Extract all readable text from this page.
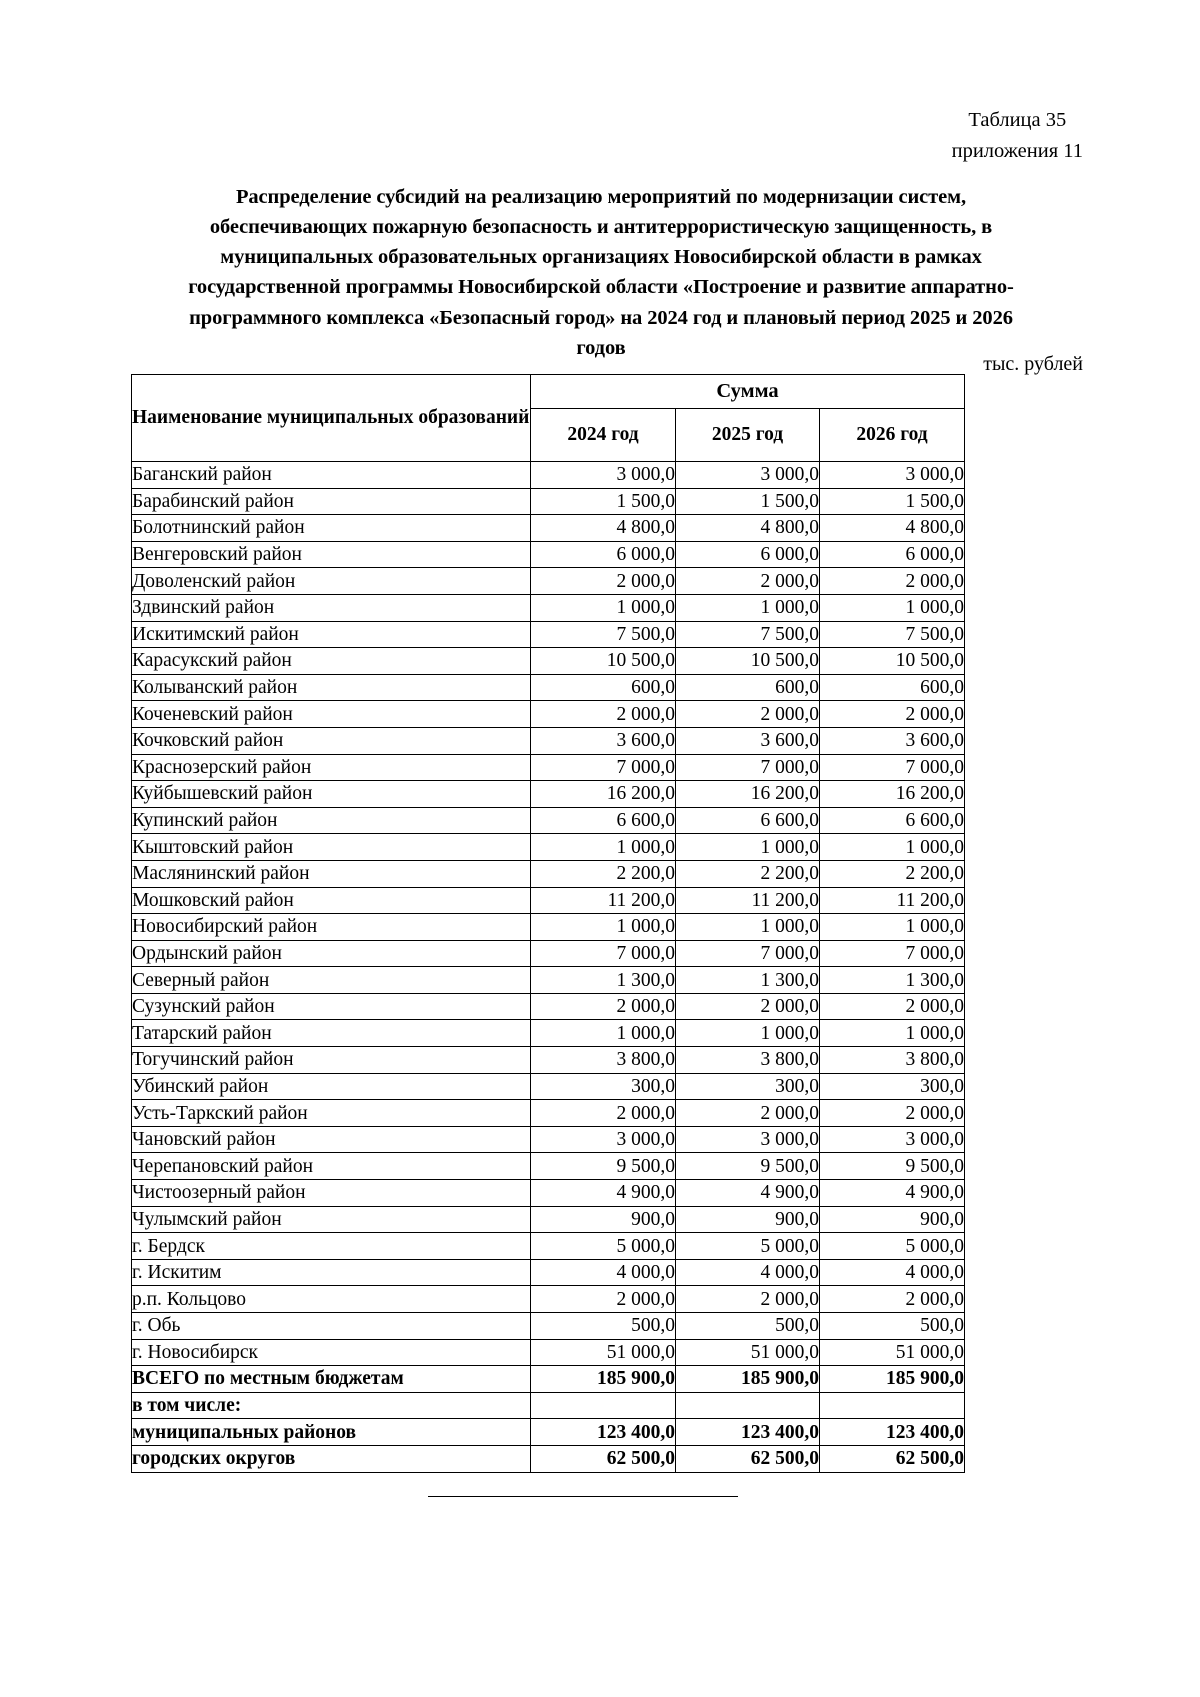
Таблица 35
приложения 11
Распределение субсидий на реализацию мероприятий по модернизации систем,
обеспечивающих пожарную безопасность и антитеррористическую защищенность, в
муниципальных образовательных организациях Новосибирской области в рамках
государственной программы Новосибирской области «Построение и развитие аппаратно-
программного комплекса «Безопасный город» на 2024 год и плановый период 2025 и 2026
годов
тыс. рублей
Наименование муниципальных образований	Сумма		
	2024 год	2025 год	2026 год
Баганский район	3 000,0	3 000,0	3 000,0
Барабинский район	1 500,0	1 500,0	1 500,0
Болотнинский район	4 800,0	4 800,0	4 800,0
Венгеровский район	6 000,0	6 000,0	6 000,0
Доволенский район	2 000,0	2 000,0	2 000,0
Здвинский район	1 000,0	1 000,0	1 000,0
Искитимский район	7 500,0	7 500,0	7 500,0
Карасукский район	10 500,0	10 500,0	10 500,0
Колыванский район	600,0	600,0	600,0
Коченевский район	2 000,0	2 000,0	2 000,0
Кочковский район	3 600,0	3 600,0	3 600,0
Краснозерский район	7 000,0	7 000,0	7 000,0
Куйбышевский район	16 200,0	16 200,0	16 200,0
Купинский район	6 600,0	6 600,0	6 600,0
Кыштовский район	1 000,0	1 000,0	1 000,0
Маслянинский район	2 200,0	2 200,0	2 200,0
Мошковский район	11 200,0	11 200,0	11 200,0
Новосибирский район	1 000,0	1 000,0	1 000,0
Ордынский район	7 000,0	7 000,0	7 000,0
Северный район	1 300,0	1 300,0	1 300,0
Сузунский район	2 000,0	2 000,0	2 000,0
Татарский район	1 000,0	1 000,0	1 000,0
Тогучинский район	3 800,0	3 800,0	3 800,0
Убинский район	300,0	300,0	300,0
Усть-Таркский район	2 000,0	2 000,0	2 000,0
Чановский район	3 000,0	3 000,0	3 000,0
Черепановский район	9 500,0	9 500,0	9 500,0
Чистоозерный район	4 900,0	4 900,0	4 900,0
Чулымский район	900,0	900,0	900,0
г. Бердск	5 000,0	5 000,0	5 000,0
г. Искитим	4 000,0	4 000,0	4 000,0
р.п. Кольцово	2 000,0	2 000,0	2 000,0
г. Обь	500,0	500,0	500,0
г. Новосибирск	51 000,0	51 000,0	51 000,0
ВСЕГО по местным бюджетам	185 900,0	185 900,0	185 900,0
в том числе:			
муниципальных районов	123 400,0	123 400,0	123 400,0
городских округов	62 500,0	62 500,0	62 500,0
